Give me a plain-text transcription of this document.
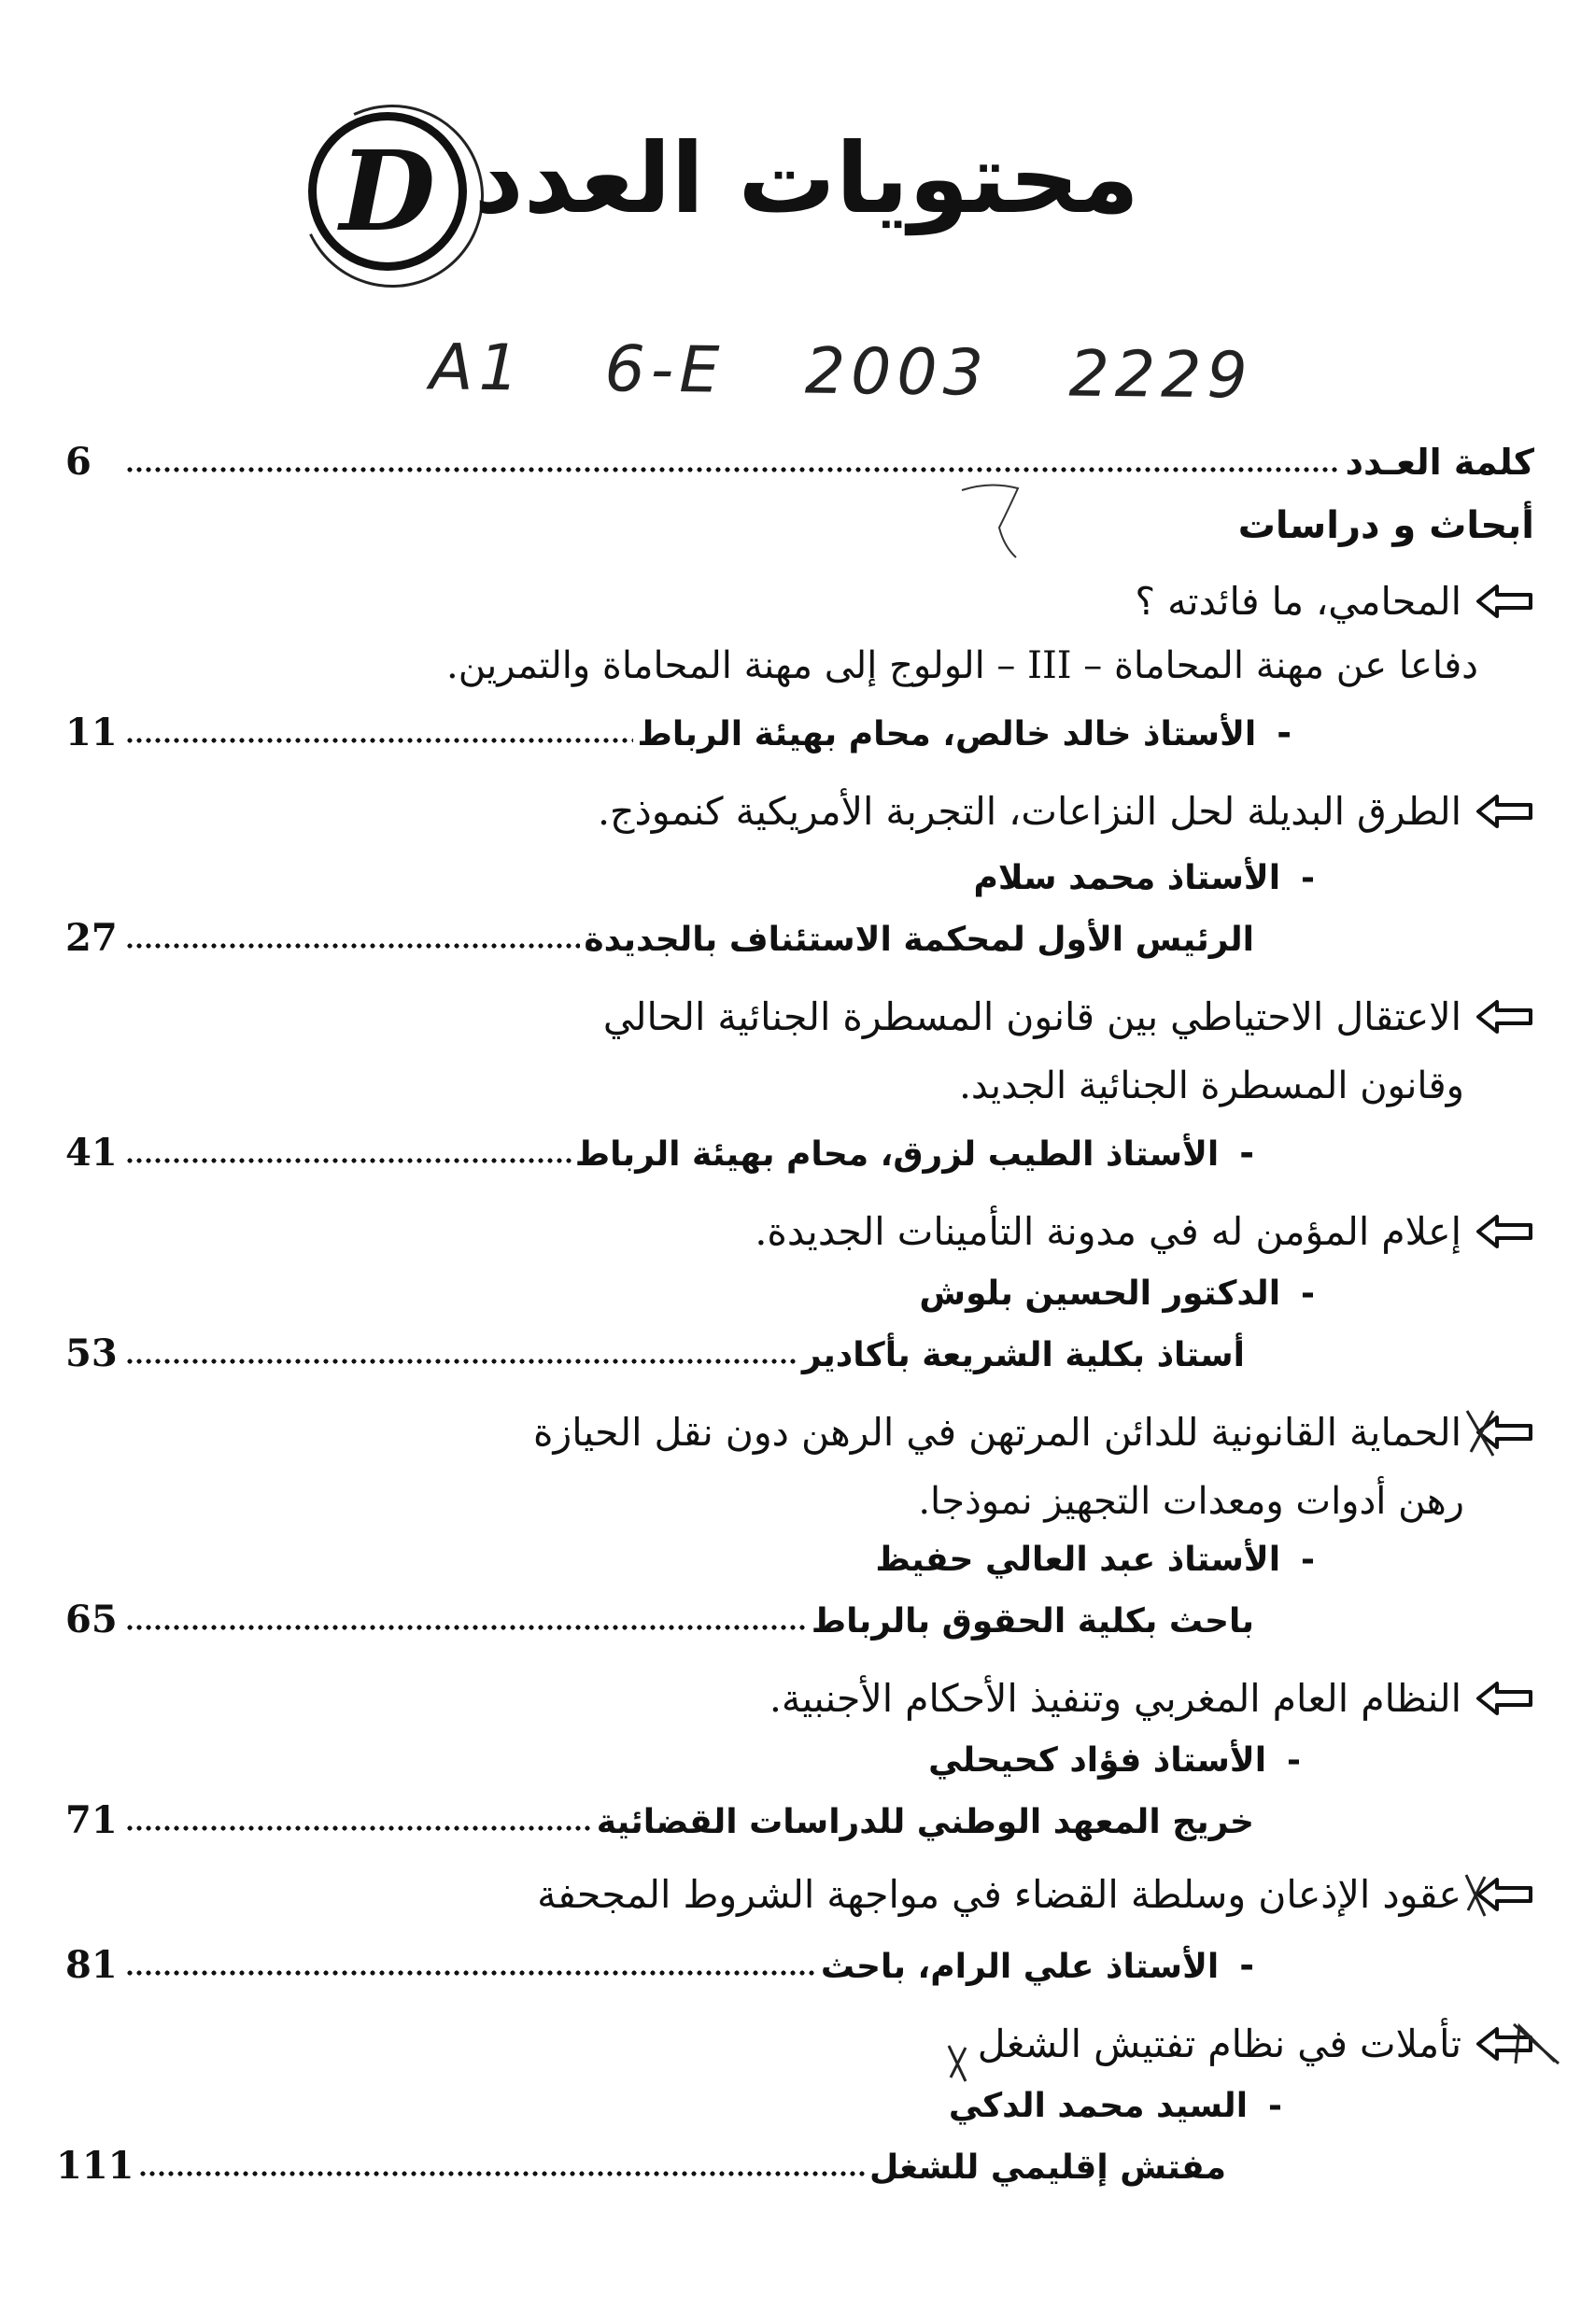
D محتويات العدد
A1 6-E 2003 2229
كلمة العـدد
6
أبحاث و دراسات
المحامي، ما فائدته ؟
دفاعا عن مهنة المحاماة – III – الولوج إلى مهنة المحاماة والتمرين.
-الأستاذ خالد خالص، محام بهيئة الرباط
11
الطرق البديلة لحل النزاعات، التجربة الأمريكية كنموذج.
-الأستاذ محمد سلام
الرئيس الأول لمحكمة الاستئناف بالجديدة
27
الاعتقال الاحتياطي بين قانون المسطرة الجنائية الحالي
وقانون المسطرة الجنائية الجديد.
-الأستاذ الطيب لزرق، محام بهيئة الرباط
41
إعلام المؤمن له في مدونة التأمينات الجديدة.
-الدكتور الحسين بلوش
أستاذ بكلية الشريعة بأكادير
53
الحماية القانونية للدائن المرتهن في الرهن دون نقل الحيازة
رهن أدوات ومعدات التجهيز نموذجا.
-الأستاذ عبد العالي حفيظ
باحث بكلية الحقوق بالرباط
65
النظام العام المغربي وتنفيذ الأحكام الأجنبية.
-الأستاذ فؤاد كحيحلي
خريج المعهد الوطني للدراسات القضائية
71
عقود الإذعان وسلطة القضاء في مواجهة الشروط المجحفة
-الأستاذ علي الرام، باحث
81
تأملات في نظام تفتيش الشغل
-السيد محمد الدكي
مفتش إقليمي للشغل
111
